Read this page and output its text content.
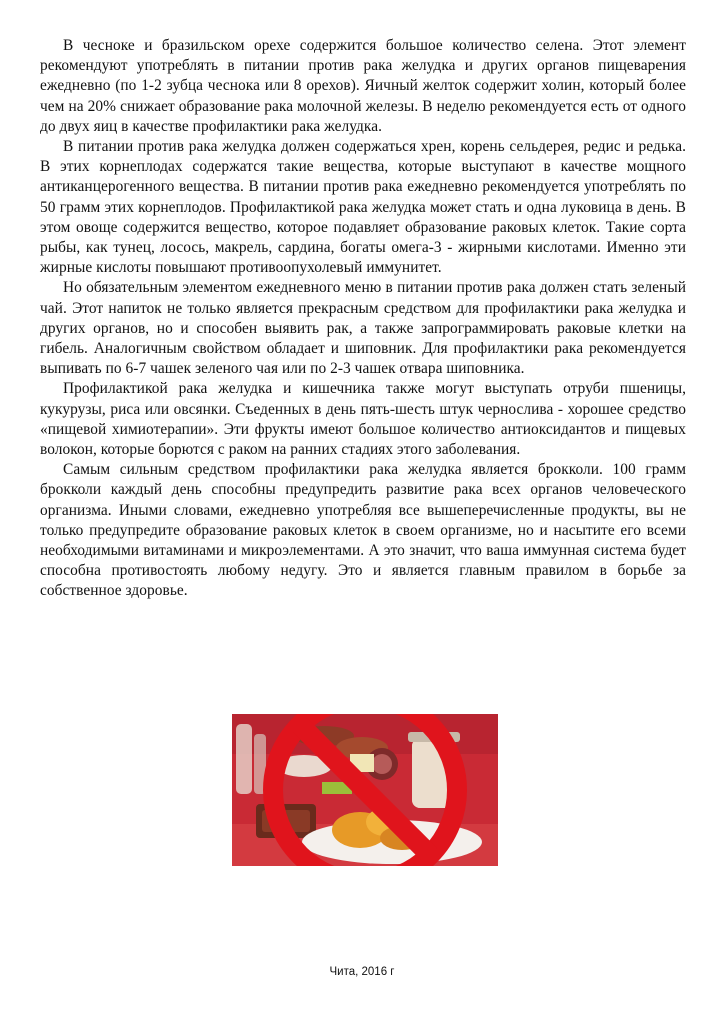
В чесноке и бразильском орехе содержится большое количество селена. Этот элемент рекомендуют употреблять в питании против рака желудка и других органов пищеварения ежедневно (по 1-2 зубца чеснока или 8 орехов). Яичный желток содержит холин, который более чем на 20% снижает образование рака молочной железы. В неделю рекомендуется есть от одного до двух яиц в качестве профилактики рака желудка.

В питании против рака желудка должен содержаться хрен, корень сельдерея, редис и редька. В этих корнеплодах содержатся такие вещества, которые выступают в качестве мощного антиканцерогенного вещества. В питании против рака ежедневно рекомендуется употреблять по 50 грамм этих корнеплодов. Профилактикой рака желудка может стать и одна луковица в день. В этом овоще содержится вещество, которое подавляет образование раковых клеток. Такие сорта рыбы, как тунец, лосось, макрель, сардина, богаты омега-3 - жирными кислотами. Именно эти жирные кислоты повышают противоопухолевый иммунитет.

Но обязательным элементом ежедневного меню в питании против рака должен стать зеленый чай. Этот напиток не только является прекрасным средством для профилактики рака желудка и других органов, но и способен выявить рак, а также запрограммировать раковые клетки на гибель. Аналогичным свойством обладает и шиповник. Для профилактики рака рекомендуется выпивать по 6-7 чашек зеленого чая или по 2-3 чашек отвара шиповника.

Профилактикой рака желудка и кишечника также могут выступать отруби пшеницы, кукурузы, риса или овсянки. Съеденных в день пять-шесть штук чернослива - хорошее средство «пищевой химиотерапии». Эти фрукты имеют большое количество антиоксидантов и пищевых волокон, которые борются с раком на ранних стадиях этого заболевания.

Самым сильным средством профилактики рака желудка является брокколи. 100 грамм брокколи каждый день способны предупредить развитие рака всех органов человеческого организма. Иными словами, ежедневно употребляя все вышеперечисленные продукты, вы не только предупредите образование раковых клеток в своем организме, но и насытите его всеми необходимыми витаминами и микроэлементами. А это значит, что ваша иммунная система будет способна противостоять любому недугу. Это и является главным правилом в борьбе за собственное здоровье.

Чита, 2016 г
